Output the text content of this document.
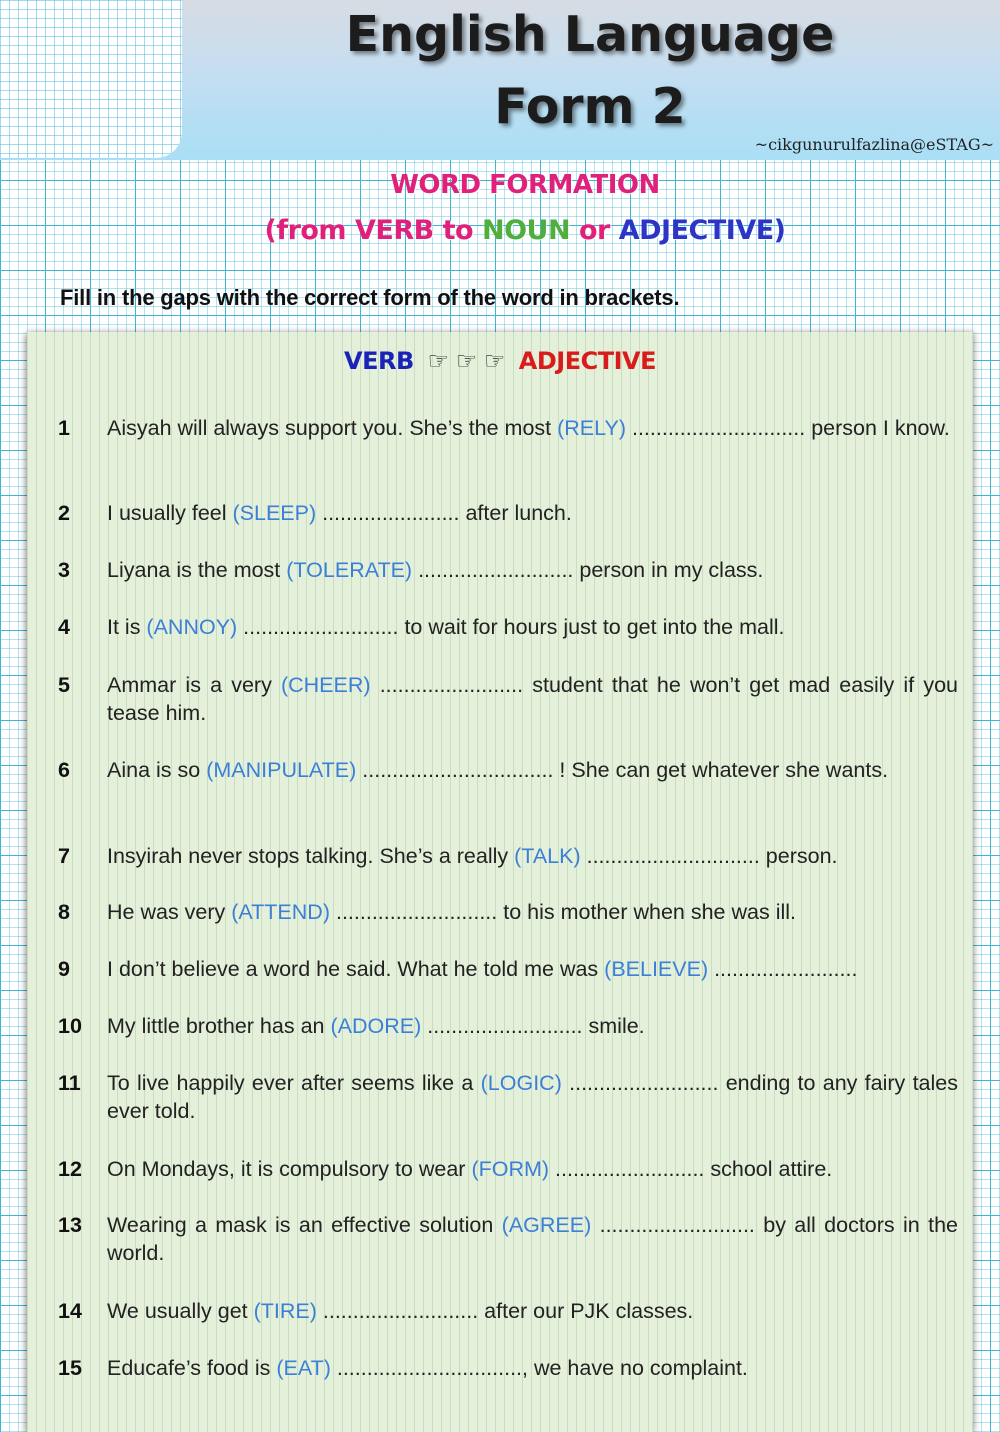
English Language
Form 2
~cikgunurulfazlina@eSTAG~
WORD FORMATION
(from VERB to NOUN or ADJECTIVE)
Fill in the gaps with the correct form of the word in brackets.
VERB ☞ ☞ ☞ ADJECTIVE
1	Aisyah will always support you. She’s the most (RELY) ............................. person I know.
2	I usually feel (SLEEP) ....................... after lunch.
3	Liyana is the most (TOLERATE) .......................... person in my class.
4	It is (ANNOY) .......................... to wait for hours just to get into the mall.
5	Ammar is a very (CHEER) ........................ student that he won’t get mad easily if you tease him.
6	Aina is so (MANIPULATE) ................................ ! She can get whatever she wants.
7	Insyirah never stops talking. She’s a really (TALK) ............................. person.
8	He was very (ATTEND) ........................... to his mother when she was ill.
9	I don’t believe a word he said. What he told me was (BELIEVE) ........................
10	My little brother has an (ADORE) .......................... smile.
11	To live happily ever after seems like a (LOGIC) ......................... ending to any fairy tales ever told.
12	On Mondays, it is compulsory to wear (FORM) ......................... school attire.
13	Wearing a mask is an effective solution (AGREE) .......................... by all doctors in the world.
14	We usually get (TIRE) .......................... after our PJK classes.
15	Educafe’s food is (EAT) ..............................., we have no complaint.
